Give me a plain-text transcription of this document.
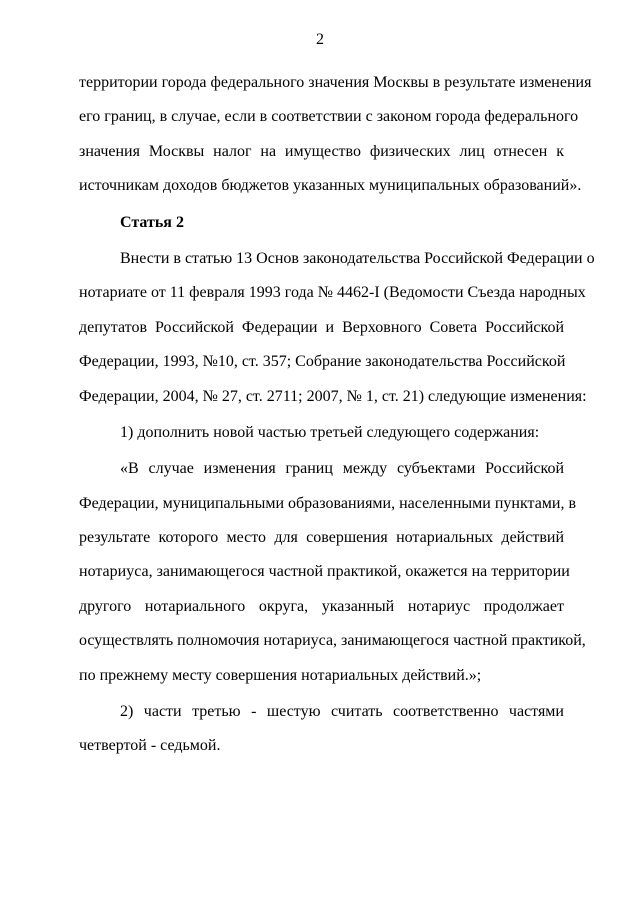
2
территории города федерального значения Москвы в результате изменения
его границ, в случае, если в соответствии с законом города федерального
значения Москвы налог на имущество физических лиц отнесен к
источникам доходов бюджетов указанных муниципальных образований».
Статья 2
Внести в статью 13 Основ законодательства Российской Федерации о
нотариате от 11 февраля 1993 года № 4462-I (Ведомости Съезда народных
депутатов Российской Федерации и Верховного Совета Российской
Федерации, 1993, №10, ст. 357; Собрание законодательства Российской
Федерации, 2004, № 27, ст. 2711; 2007, № 1, ст. 21) следующие изменения:
1) дополнить новой частью третьей следующего содержания:
«В случае изменения границ между субъектами Российской
Федерации, муниципальными образованиями, населенными пунктами, в
результате которого место для совершения нотариальных действий
нотариуса, занимающегося частной практикой, окажется на территории
другого нотариального округа, указанный нотариус продолжает
осуществлять полномочия нотариуса, занимающегося частной практикой,
по прежнему месту совершения нотариальных действий.»;
2) части третью - шестую считать соответственно частями
четвертой - седьмой.
